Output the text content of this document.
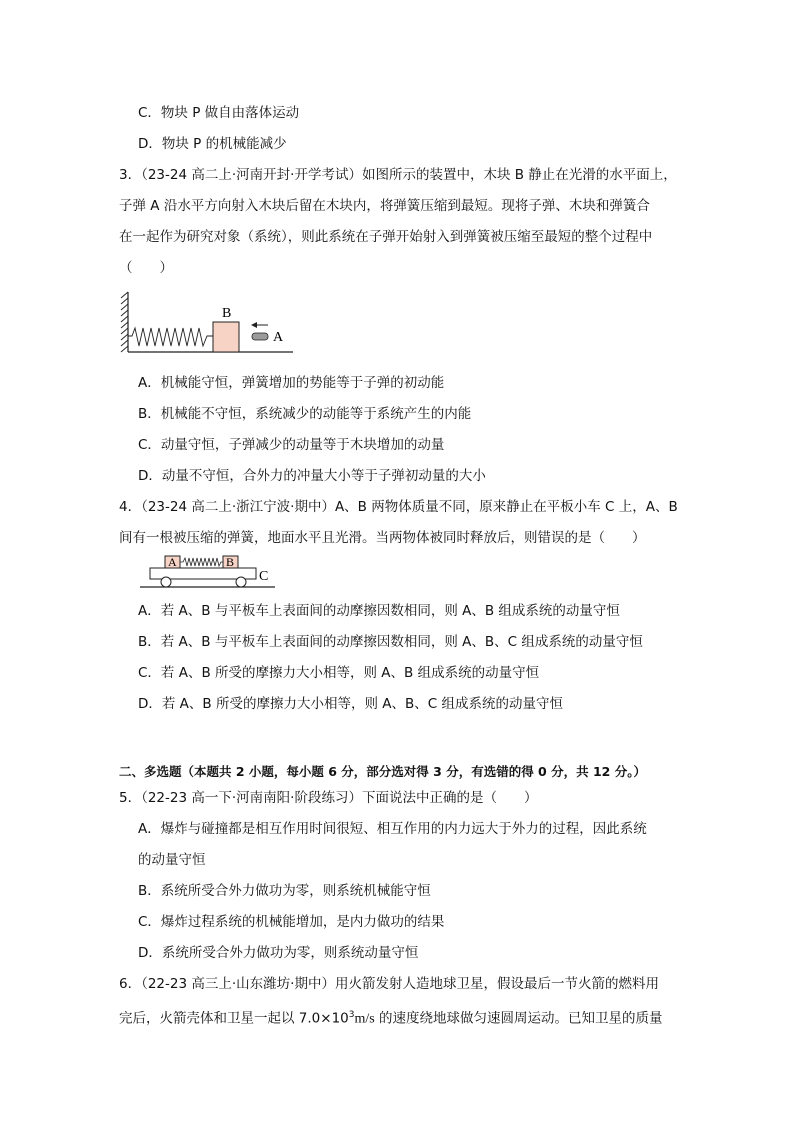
C．物块 P 做自由落体运动
D．物块 P 的机械能减少
3．（23-24 高二上·河南开封·开学考试）如图所示的装置中，木块 B 静止在光滑的水平面上，
子弹 A 沿水平方向射入木块后留在木块内，将弹簧压缩到最短。现将子弹、木块和弹簧合
在一起作为研究对象（系统），则此系统在子弹开始射入到弹簧被压缩至最短的整个过程中
（　　）
B
A
A．机械能守恒，弹簧增加的势能等于子弹的初动能
B．机械能不守恒，系统减少的动能等于系统产生的内能
C．动量守恒，子弹减少的动量等于木块增加的动量
D．动量不守恒，合外力的冲量大小等于子弹初动量的大小
4．（23-24 高二上·浙江宁波·期中）A、B 两物体质量不同，原来静止在平板小车 C 上，A、B
间有一根被压缩的弹簧，地面水平且光滑。当两物体被同时释放后，则错误的是（　　）
C
A	B
A．若 A、B 与平板车上表面间的动摩擦因数相同，则 A、B 组成系统的动量守恒
B．若 A、B 与平板车上表面间的动摩擦因数相同，则 A、B、C 组成系统的动量守恒
C．若 A、B 所受的摩擦力大小相等，则 A、B 组成系统的动量守恒
D．若 A、B 所受的摩擦力大小相等，则 A、B、C 组成系统的动量守恒
二、多选题（本题共 2 小题，每小题 6 分，部分选对得 3 分，有选错的得 0 分，共 12 分。）
5．（22-23 高一下·河南南阳·阶段练习）下面说法中正确的是（　　）
A．爆炸与碰撞都是相互作用时间很短、相互作用的内力远大于外力的过程，因此系统
的动量守恒
B．系统所受合外力做功为零，则系统机械能守恒
C．爆炸过程系统的机械能增加，是内力做功的结果
D．系统所受合外力做功为零，则系统动量守恒
6．（22-23 高三上·山东潍坊·期中）用火箭发射人造地球卫星，假设最后一节火箭的燃料用
完后，火箭壳体和卫星一起以 $7.0\times 10^3m/s$ 的速度绕地球做匀速圆周运动。已知卫星的质量
